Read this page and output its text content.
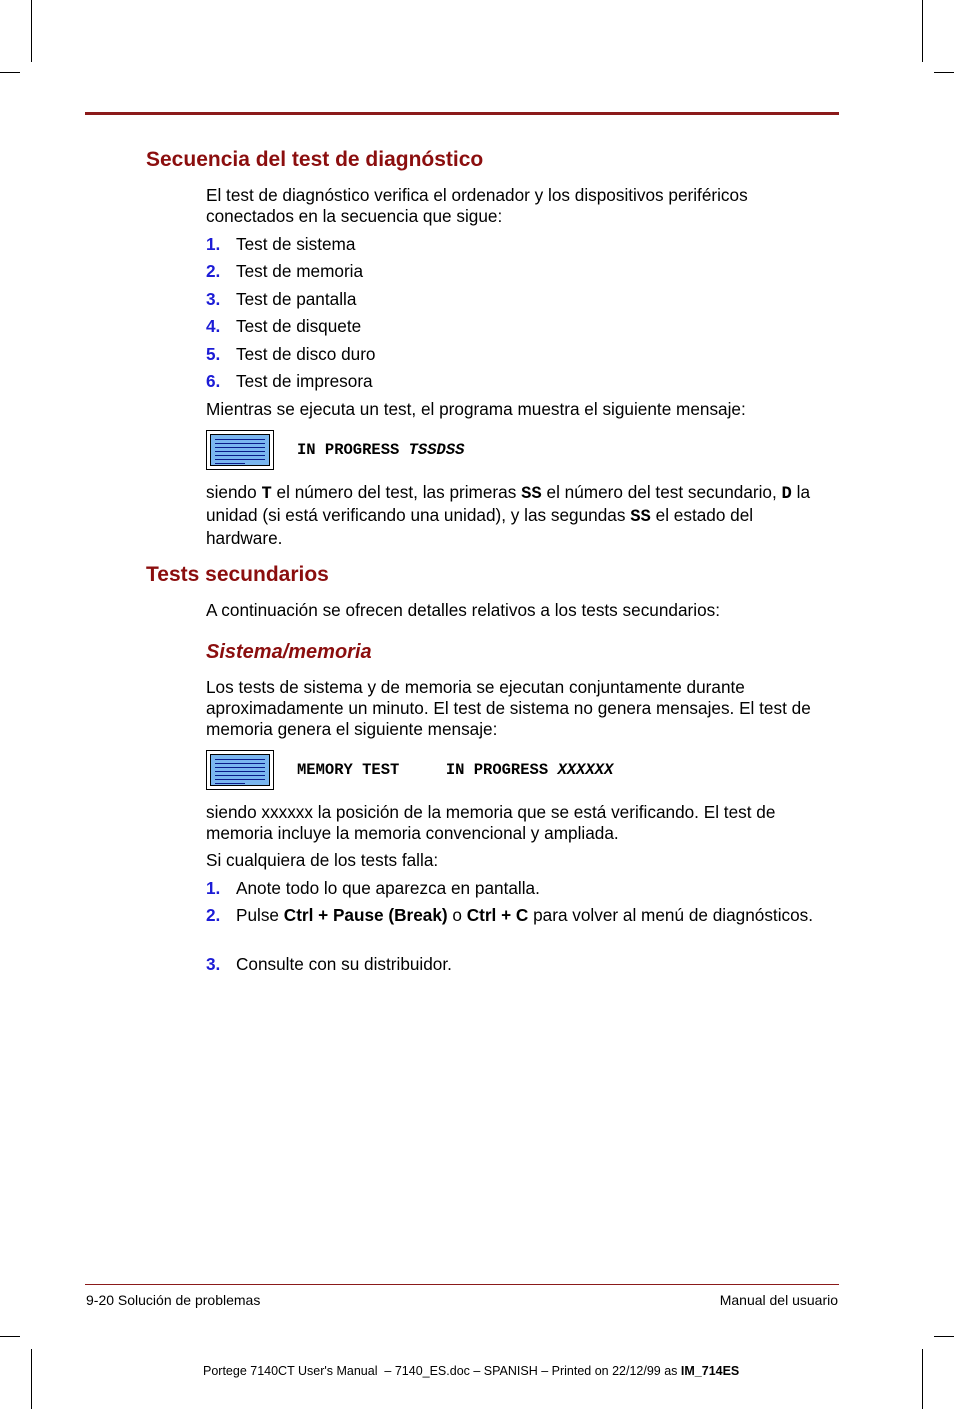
Secuencia del test de diagnóstico
El test de diagnóstico verifica el ordenador y los dispositivos periféricos conectados en la secuencia que sigue:
1. Test de sistema
2. Test de memoria
3. Test de pantalla
4. Test de disquete
5. Test de disco duro
6. Test de impresora
Mientras se ejecuta un test, el programa muestra el siguiente mensaje:
IN PROGRESS TSSDSS
siendo T el número del test, las primeras SS el número del test secundario, D la unidad (si está verificando una unidad), y las segundas SS el estado del hardware.
Tests secundarios
A continuación se ofrecen detalles relativos a los tests secundarios:
Sistema/memoria
Los tests de sistema y de memoria se ejecutan conjuntamente durante aproximadamente un minuto. El test de sistema no genera mensajes. El test de memoria genera el siguiente mensaje:
MEMORY TEST     IN PROGRESS XXXXXX
siendo xxxxxx la posición de la memoria que se está verificando. El test de memoria incluye la memoria convencional y ampliada.
Si cualquiera de los tests falla:
1. Anote todo lo que aparezca en pantalla.
2. Pulse Ctrl + Pause (Break) o Ctrl + C para volver al menú de diagnósticos.
3. Consulte con su distribuidor.
9-20 Solución de problemas	Manual del usuario
Portege 7140CT User's Manual  – 7140_ES.doc – SPANISH – Printed on 22/12/99 as IM_714ES
